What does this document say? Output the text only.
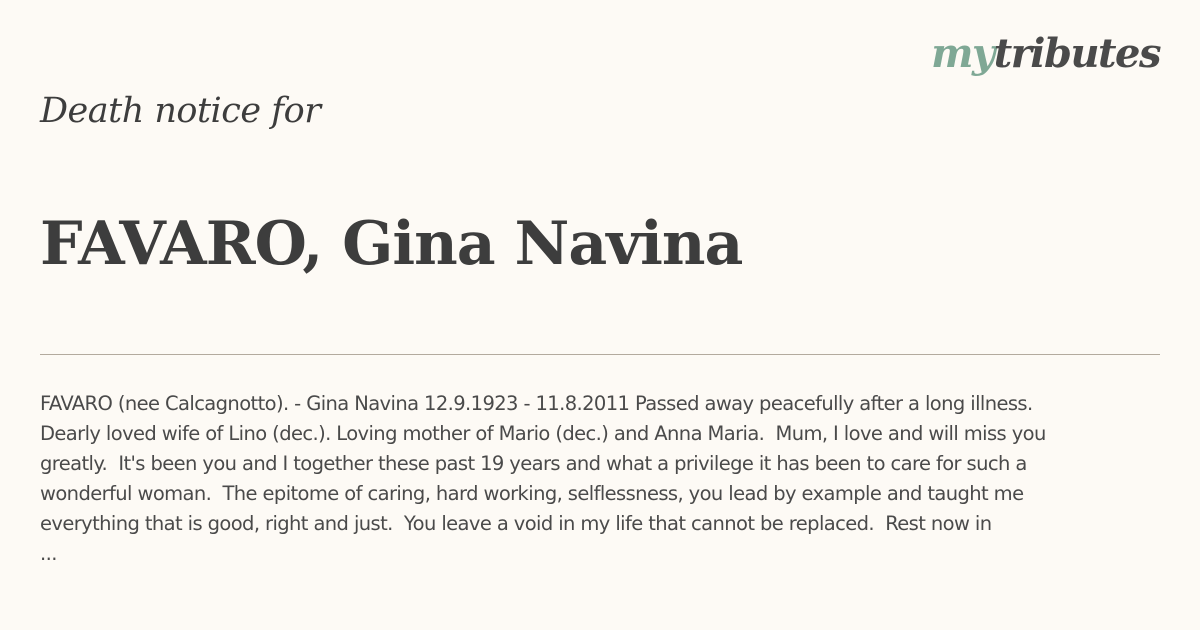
mytributes
Death notice for
FAVARO, Gina Navina
FAVARO (nee Calcagnotto). - Gina Navina 12.9.1923 - 11.8.2011 Passed away peacefully after a long illness.
Dearly loved wife of Lino (dec.). Loving mother of Mario (dec.) and Anna Maria.  Mum, I love and will miss you
greatly.  It's been you and I together these past 19 years and what a privilege it has been to care for such a
wonderful woman.  The epitome of caring, hard working, selflessness, you lead by example and taught me
everything that is good, right and just.  You leave a void in my life that cannot be replaced.  Rest now in
...
